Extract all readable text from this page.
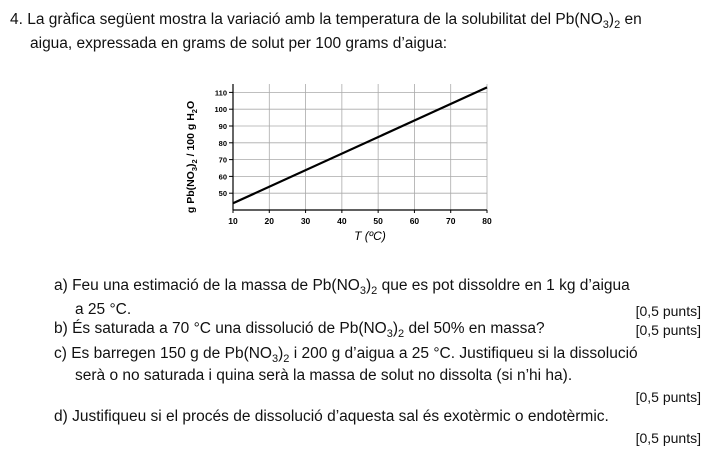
4. La gràfica següent mostra la variació amb la temperatura de la solubilitat del $Pb(NO_3)_2$ en
aigua, expressada en grams de solut per 100 grams d’aigua:
10	20	30	40	50	60	70	80
50
60
70
80
90
100
110
T (ºC)
g $Pb(NO_3)_2 / 100$ g $H_2O$
a) Feu una estimació de la massa de $Pb(NO_3)_2$ que es pot dissoldre en 1 kg d’aigua
a 25 °C.	[0,5 punts]
b) És saturada a 70 °C una dissolució de $Pb(NO_3)_2$ del 50% en massa?	[0,5 punts]
c) Es barregen 150 g de $Pb(NO_3)_2$ i 200 g d’aigua a 25 °C. Justifiqueu si la dissolució
serà o no saturada i quina serà la massa de solut no dissolta (si n’hi ha).
[0,5 punts]
d) Justifiqueu si el procés de dissolució d’aquesta sal és exotèrmic o endotèrmic.
[0,5 punts]
